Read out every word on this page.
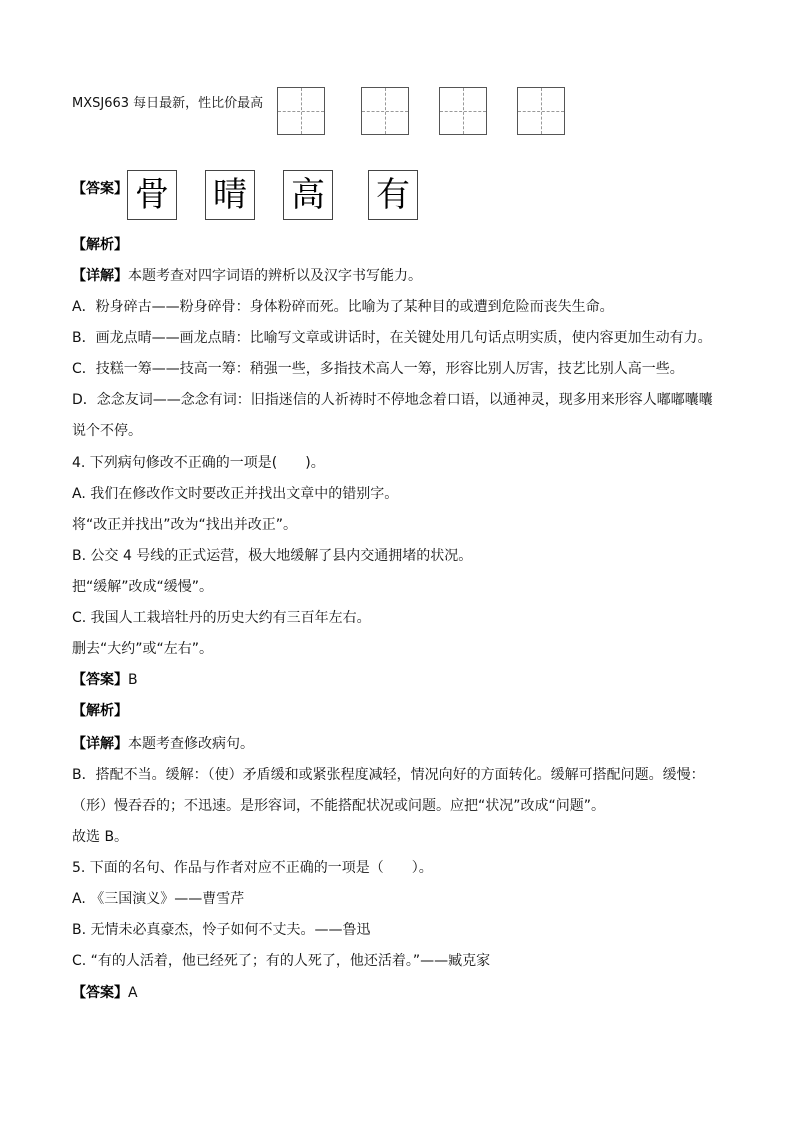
MXSJ663 每日最新，性比价最高
【答案】 骨 晴 高 有
【解析】
【详解】本题考查对四字词语的辨析以及汉字书写能力。
A．粉身碎古——粉身碎骨：身体粉碎而死。比喻为了某种目的或遭到危险而丧失生命。
B．画龙点晴——画龙点睛：比喻写文章或讲话时，在关键处用几句话点明实质，使内容更加生动有力。
C．技糕一筹——技高一筹：稍强一些，多指技术高人一筹，形容比别人厉害，技艺比别人高一些。
D．念念友词——念念有词：旧指迷信的人祈祷时不停地念着口语，以通神灵，现多用来形容人嘟嘟囔囔
说个不停。
4. 下列病句修改不正确的一项是(　　)。
A. 我们在修改作文时要改正并找出文章中的错别字。
将“改正并找出”改为“找出并改正”。
B. 公交 4 号线的正式运营，极大地缓解了县内交通拥堵的状况。
把“缓解”改成“缓慢”。
C. 我国人工栽培牡丹的历史大约有三百年左右。
删去“大约”或“左右”。
【答案】B
【解析】
【详解】本题考查修改病句。
B．搭配不当。缓解：（使）矛盾缓和或紧张程度减轻，情况向好的方面转化。缓解可搭配问题。缓慢：
（形）慢吞吞的；不迅速。是形容词，不能搭配状况或问题。应把“状况”改成“问题”。
故选 B。
5. 下面的名句、作品与作者对应不正确的一项是（　　）。
A. 《三国演义》——曹雪芹
B. 无情未必真豪杰，怜子如何不丈夫。——鲁迅
C. “有的人活着，他已经死了；有的人死了，他还活着。”——臧克家
【答案】A
